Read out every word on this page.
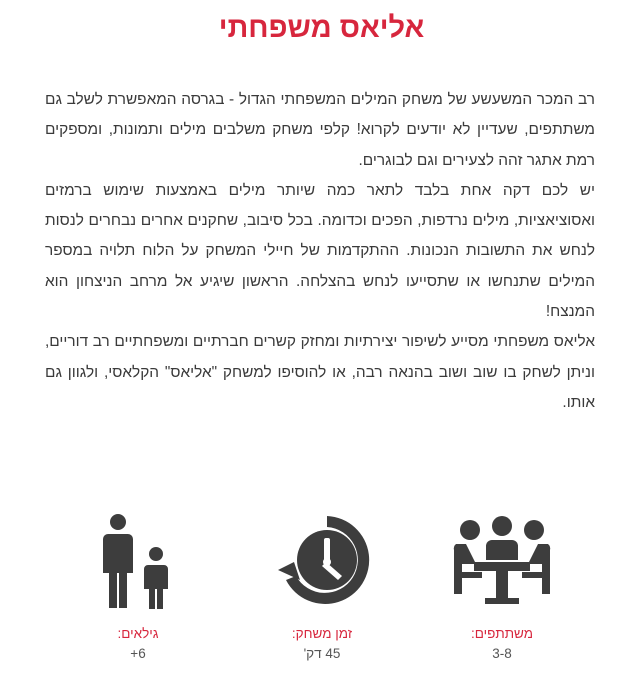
אליאס משפחתי

רב המכר המשעשע של משחק המילים המשפחתי הגדול - בגרסה המאפשרת לשלב גם משתתפים, שעדיין לא יודעים לקרוא! קלפי משחק משלבים מילים ותמונות, ומספקים רמת אתגר זהה לצעירים וגם לבוגרים.

יש לכם דקה אחת בלבד לתאר כמה שיותר מילים באמצעות שימוש ברמזים ואסוציאציות, מילים נרדפות, הפכים וכדומה. בכל סיבוב, שחקנים אחרים נבחרים לנסות לנחש את התשובות הנכונות. ההתקדמות של חיילי המשחק על הלוח תלויה במספר המילים שתנחשו או שתסייעו לנחש בהצלחה. הראשון שיגיע אל מרחב הניצחון הוא המנצח!

אליאס משפחתי מסייע לשיפור יצירתיות ומחזק קשרים חברתיים ומשפחתיים רב דוריים, וניתן לשחק בו שוב ושוב בהנאה רבה, או להוסיפו למשחק "אליאס" הקלאסי, ולגוון גם אותו.

משתתפים:
3-8
זמן משחק:
45 דק'
גילאים:
6+
